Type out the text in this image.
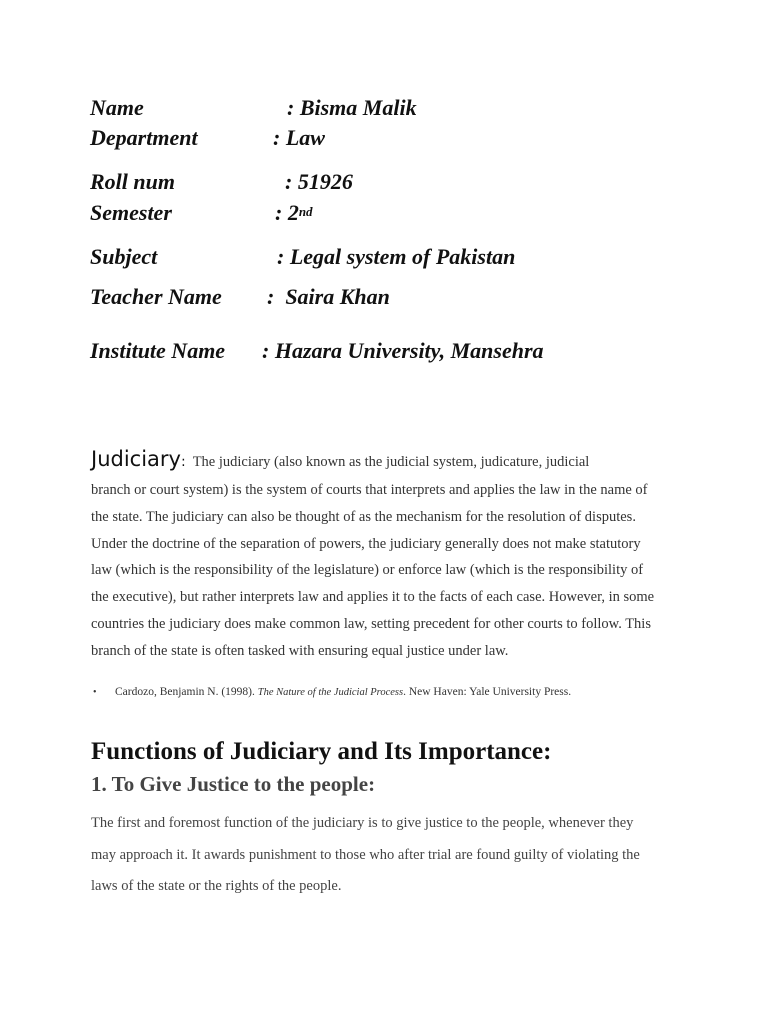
Name	: Bisma Malik
Department	: Law
Roll num	: 51926
Semester	: 2nd
Subject	: Legal system of Pakistan
Teacher Name :  Saira Khan
Institute Name : Hazara University, Mansehra
Judiciary: The judiciary (also known as the judicial system, judicature, judicial
branch or court system) is the system of courts that interprets and applies the law in the name of
the state. The judiciary can also be thought of as the mechanism for the resolution of disputes.
Under the doctrine of the separation of powers, the judiciary generally does not make statutory
law (which is the responsibility of the legislature) or enforce law (which is the responsibility of
the executive), but rather interprets law and applies it to the facts of each case. However, in some
countries the judiciary does make common law, setting precedent for other courts to follow. This
branch of the state is often tasked with ensuring equal justice under law.
• Cardozo, Benjamin N. (1998). The Nature of the Judicial Process. New Haven: Yale University Press.
Functions of Judiciary and Its Importance:
1. To Give Justice to the people:
The first and foremost function of the judiciary is to give justice to the people, whenever they
may approach it. It awards punishment to those who after trial are found guilty of violating the
laws of the state or the rights of the people.
